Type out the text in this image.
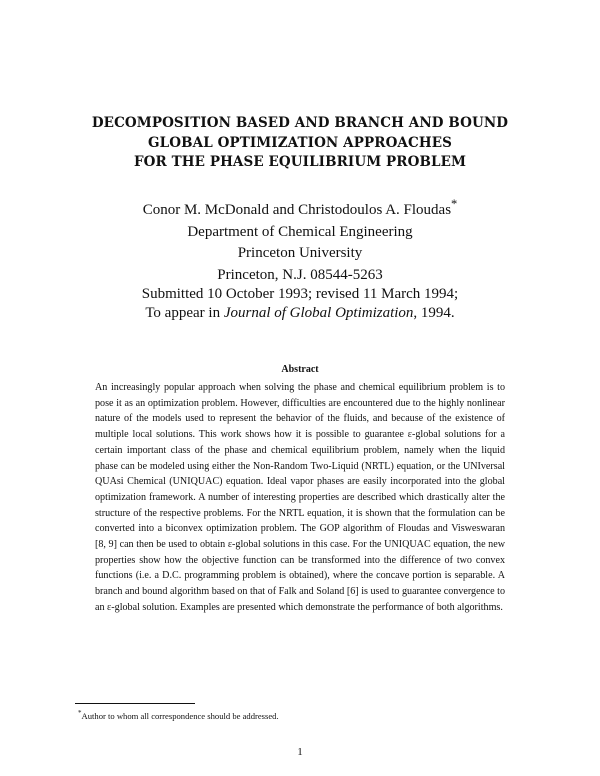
DECOMPOSITION BASED AND BRANCH AND BOUND
GLOBAL OPTIMIZATION APPROACHES
FOR THE PHASE EQUILIBRIUM PROBLEM
Conor M. McDonald and Christodoulos A. Floudas*
Department of Chemical Engineering
Princeton University
Princeton, N.J. 08544-5263
Submitted 10 October 1993; revised 11 March 1994;
To appear in Journal of Global Optimization, 1994.
Abstract

An increasingly popular approach when solving the phase and chemical equilibrium problem is to pose it as an optimization problem. However, difficulties are encountered due to the highly nonlinear nature of the models used to represent the behavior of the fluids, and because of the existence of multiple local solutions. This work shows how it is possible to guarantee ε-global solutions for a certain important class of the phase and chemical equilibrium problem, namely when the liquid phase can be modeled using either the Non-Random Two-Liquid (NRTL) equation, or the UNIversal QUAsi Chemical (UNIQUAC) equation. Ideal vapor phases are easily incorporated into the global optimization framework. A number of interesting properties are described which drastically alter the structure of the respective problems. For the NRTL equation, it is shown that the formulation can be converted into a biconvex optimization problem. The GOP algorithm of Floudas and Visweswaran [8, 9] can then be used to obtain ε-global solutions in this case. For the UNIQUAC equation, the new properties show how the objective function can be transformed into the difference of two convex functions (i.e. a D.C. programming problem is obtained), where the concave portion is separable. A branch and bound algorithm based on that of Falk and Soland [6] is used to guarantee convergence to an ε-global solution. Examples are presented which demonstrate the performance of both algorithms.

*Author to whom all correspondence should be addressed.
1
